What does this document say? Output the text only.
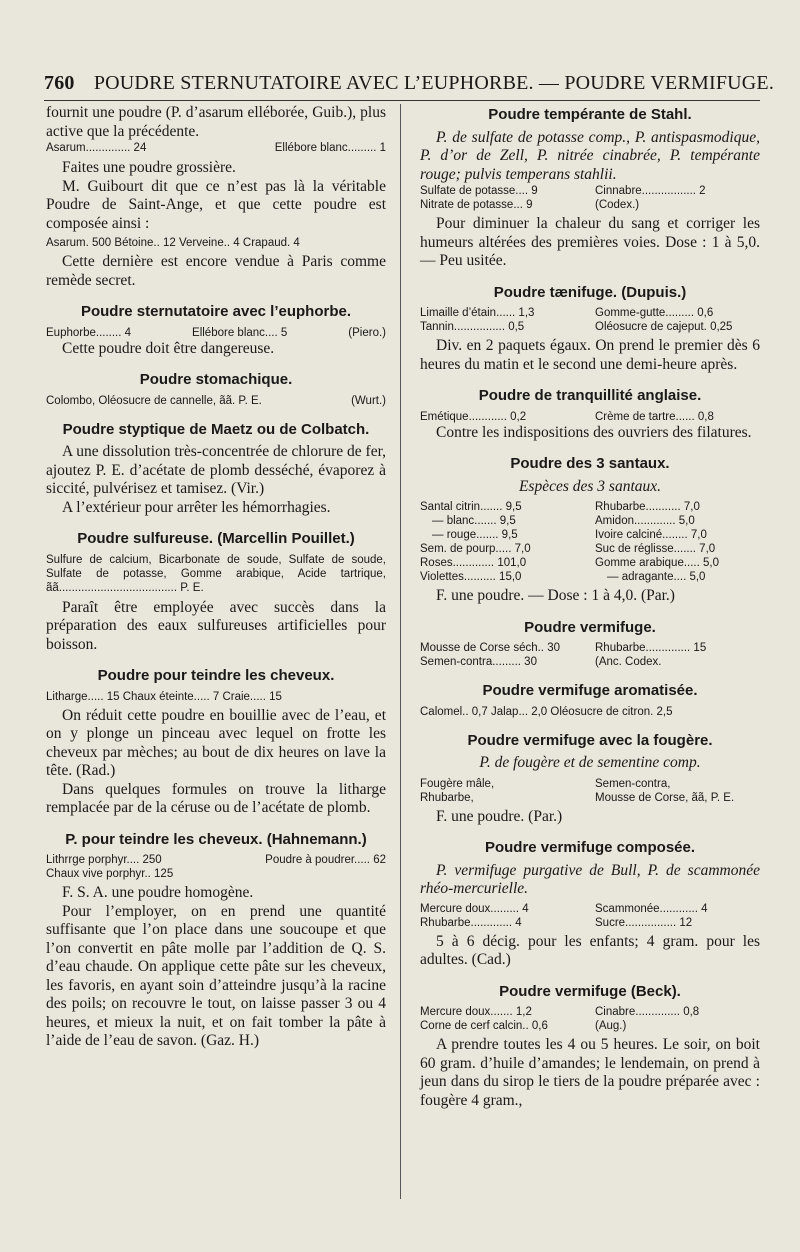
760 POUDRE STERNUTATOIRE AVEC L’EUPHORBE. — POUDRE VERMIFUGE.

fournit une poudre (P. d’asarum elléborée, Guib.), plus active que la précédente.

Asarum.............. 24	Ellébore blanc......... 1

Faites une poudre grossière.

M. Guibourt dit que ce n’est pas là la véritable Poudre de Saint-Ange, et que cette poudre est composée ainsi :

Asarum. 500 Bétoine.. 12 Verveine.. 4 Crapaud. 4

Cette dernière est encore vendue à Paris comme remède secret.

Poudre sternutatoire avec l’euphorbe.
Euphorbe........ 4	Ellébore blanc.... 5	(Piero.)

Cette poudre doit être dangereuse.

Poudre stomachique.
Colombo, Oléosucre de cannelle, ãã. P. E.	(Wurt.)
Poudre styptique de Maetz ou de Colbatch.

A une dissolution très-concentrée de chlorure de fer, ajoutez P. E. d’acétate de plomb desséché, évaporez à siccité, pulvérisez et tamisez. (Vir.)

A l’extérieur pour arrêter les hémorrhagies.

Poudre sulfureuse. (Marcellin Pouillet.)
Sulfure de calcium, Bicarbonate de soude, Sulfate de soude, Sulfate de potasse, Gomme arabique, Acide tartrique, ãã..................................... P. E.

Paraît être employée avec succès dans la préparation des eaux sulfureuses artificielles pour boisson.

Poudre pour teindre les cheveux.
Litharge..... 15 Chaux éteinte..... 7 Craie..... 15

On réduit cette poudre en bouillie avec de l’eau, et on y plonge un pinceau avec lequel on frotte les cheveux par mèches; au bout de dix heures on lave la tête. (Rad.)

Dans quelques formules on trouve la litharge remplacée par de la céruse ou de l’acétate de plomb.

P. pour teindre les cheveux. (Hahnemann.)
Lithrrge porphyr.... 250	Poudre à poudrer..... 62
Chaux vive porphyr.. 125

F. S. A. une poudre homogène.

Pour l’employer, on en prend une quantité suffisante que l’on place dans une soucoupe et que l’on convertit en pâte molle par l’addition de Q. S. d’eau chaude. On applique cette pâte sur les cheveux, les favoris, en ayant soin d’atteindre jusqu’à la racine des poils; on recouvre le tout, on laisse passer 3 ou 4 heures, et mieux la nuit, et on fait tomber la pâte à l’aide de l’eau de savon. (Gaz. H.)

Poudre tempérante de Stahl.

P. de sulfate de potasse comp., P. antispasmodique, P. d’or de Zell, P. nitrée cinabrée, P. tempérante rouge; pulvis temperans stahlii.

Sulfate de potasse.... 9	Cinnabre................. 2
Nitrate de potasse... 9	(Codex.)

Pour diminuer la chaleur du sang et corriger les humeurs altérées des premières voies. Dose : 1 à 5,0. — Peu usitée.

Poudre tænifuge. (Dupuis.)
Limaille d’étain...... 1,3	Gomme-gutte......... 0,6
Tannin................ 0,5	Oléosucre de cajeput. 0,25

Div. en 2 paquets égaux. On prend le premier dès 6 heures du matin et le second une demi-heure après.

Poudre de tranquillité anglaise.
Emétique............ 0,2	Crème de tartre...... 0,8

Contre les indispositions des ouvriers des filatures.

Poudre des 3 santaux.
Espèces des 3 santaux.
Santal citrin....... 9,5	Rhubarbe........... 7,0
— blanc....... 9,5	Amidon............. 5,0
— rouge....... 9,5	Ivoire calciné........ 7,0
Sem. de pourp..... 7,0	Suc de réglisse....... 7,0
Roses............. 101,0	Gomme arabique..... 5,0
Violettes.......... 15,0	— adragante.... 5,0

F. une poudre. — Dose : 1 à 4,0. (Par.)

Poudre vermifuge.
Mousse de Corse séch.. 30	Rhubarbe.............. 15
Semen-contra......... 30	(Anc. Codex.
Poudre vermifuge aromatisée.
Calomel.. 0,7 Jalap... 2,0 Oléosucre de citron. 2,5
Poudre vermifuge avec la fougère.
P. de fougère et de sementine comp.
Fougère mâle,	Semen-contra,
Rhubarbe,	Mousse de Corse, ãã, P. E.

F. une poudre. (Par.)

Poudre vermifuge composée.

P. vermifuge purgative de Bull, P. de scammonée rhéo-mercurielle.

Mercure doux......... 4	Scammonée............ 4
Rhubarbe............. 4	Sucre................ 12

5 à 6 décig. pour les enfants; 4 gram. pour les adultes. (Cad.)

Poudre vermifuge (Beck).
Mercure doux....... 1,2	Cinabre.............. 0,8
Corne de cerf calcin.. 0,6	(Aug.)

A prendre toutes les 4 ou 5 heures. Le soir, on boit 60 gram. d’huile d’amandes; le lendemain, on prend à jeun dans du sirop le tiers de la poudre préparée avec : fougère 4 gram.,
